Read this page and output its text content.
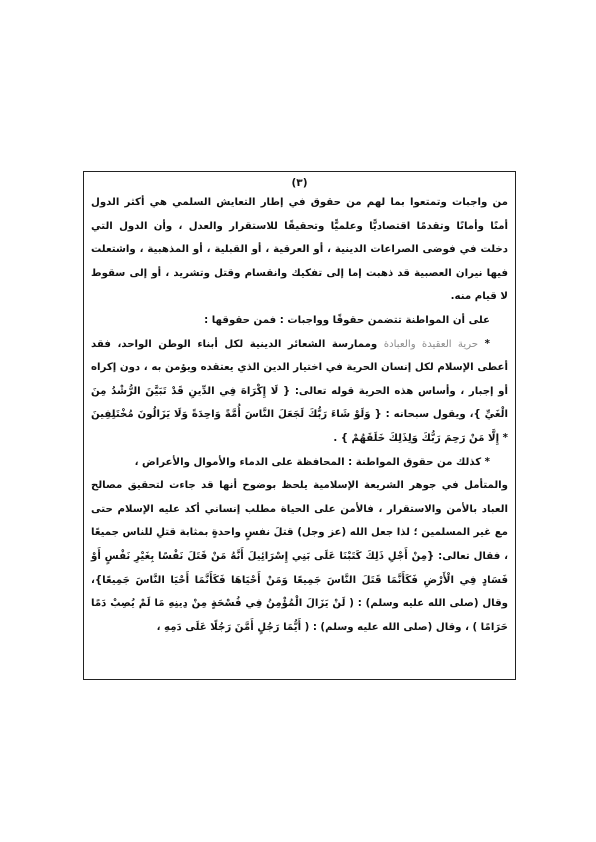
(٣)

من واجبات وتمتعوا بما لهم من حقوق في إطار التعايش السلمي هي أكثر الدول أمنًا وأمانًا وتقدمًا اقتصاديًّا وعلميًّا وتحقيقًا للاستقرار والعدل ، وأن الدول التي دخلت في فوضى الصراعات الدينية ، أو العرقية ، أو القبلية ، أو المذهبية ، واشتعلت فيها نيران العصبية قد ذهبت إما إلى تفكيك وانقسام وقتل وتشريد ، أو إلى سقوط لا قيام منه.

على أن المواطنة تتضمن حقوقًا وواجبات : فمن حقوقها :

* حرية العقيدة والعبادة وممارسة الشعائر الدينية لكل أبناء الوطن الواحد، فقد أعطى الإسلام لكل إنسان الحرية في اختيار الدين الذي يعتقده ويؤمن به ، دون إكراه أو إجبار ، وأساس هذه الحرية قوله تعالى: { لَا إِكْرَاهَ فِي الدِّينِ قَدْ تَبَيَّنَ الرُّشْدُ مِنَ الْغَيِّ }، ويقول سبحانه : { وَلَوْ شَاءَ رَبُّكَ لَجَعَلَ النَّاسَ أُمَّةً وَاحِدَةً وَلَا يَزَالُونَ مُخْتَلِفِينَ * إِلَّا مَنْ رَحِمَ رَبُّكَ وَلِذَلِكَ خَلَقَهُمْ } .

* كذلك من حقوق المواطنة : المحافظة على الدماء والأموال والأعراض ،

والمتأمل في جوهر الشريعة الإسلامية يلحظ بوضوح أنها قد جاءت لتحقيق مصالح العباد بالأمن والاستقرار ، فالأمن على الحياة مطلب إنساني أكد عليه الإسلام حتى مع غير المسلمين ؛ لذا جعل الله (عز وجل) قتلَ نفسٍ واحدةٍ بمثابة قتلِ للناس جميعًا ، فقال تعالى: {مِنْ أَجْلِ ذَلِكَ كَتَبْنَا عَلَى بَنِي إِسْرَائِيلَ أَنَّهُ مَنْ قَتَلَ نَفْسًا بِغَيْرِ نَفْسٍ أَوْ فَسَادٍ فِي الْأَرْضِ فَكَأَنَّمَا قَتَلَ النَّاسَ جَمِيعًا وَمَنْ أَحْيَاهَا فَكَأَنَّمَا أَحْيَا النَّاسَ جَمِيعًا}، وقال (صلى الله عليه وسلم) : ( لَنْ يَزَالَ الْمُؤْمِنُ فِي فُسْحَةٍ مِنْ دِينِهِ مَا لَمْ يُصِبْ دَمًا حَرَامًا ) ، وقال (صلى الله عليه وسلم) : ( أَيُّمَا رَجُلٍ أَمَّنَ رَجُلًا عَلَى دَمِهِ ،
